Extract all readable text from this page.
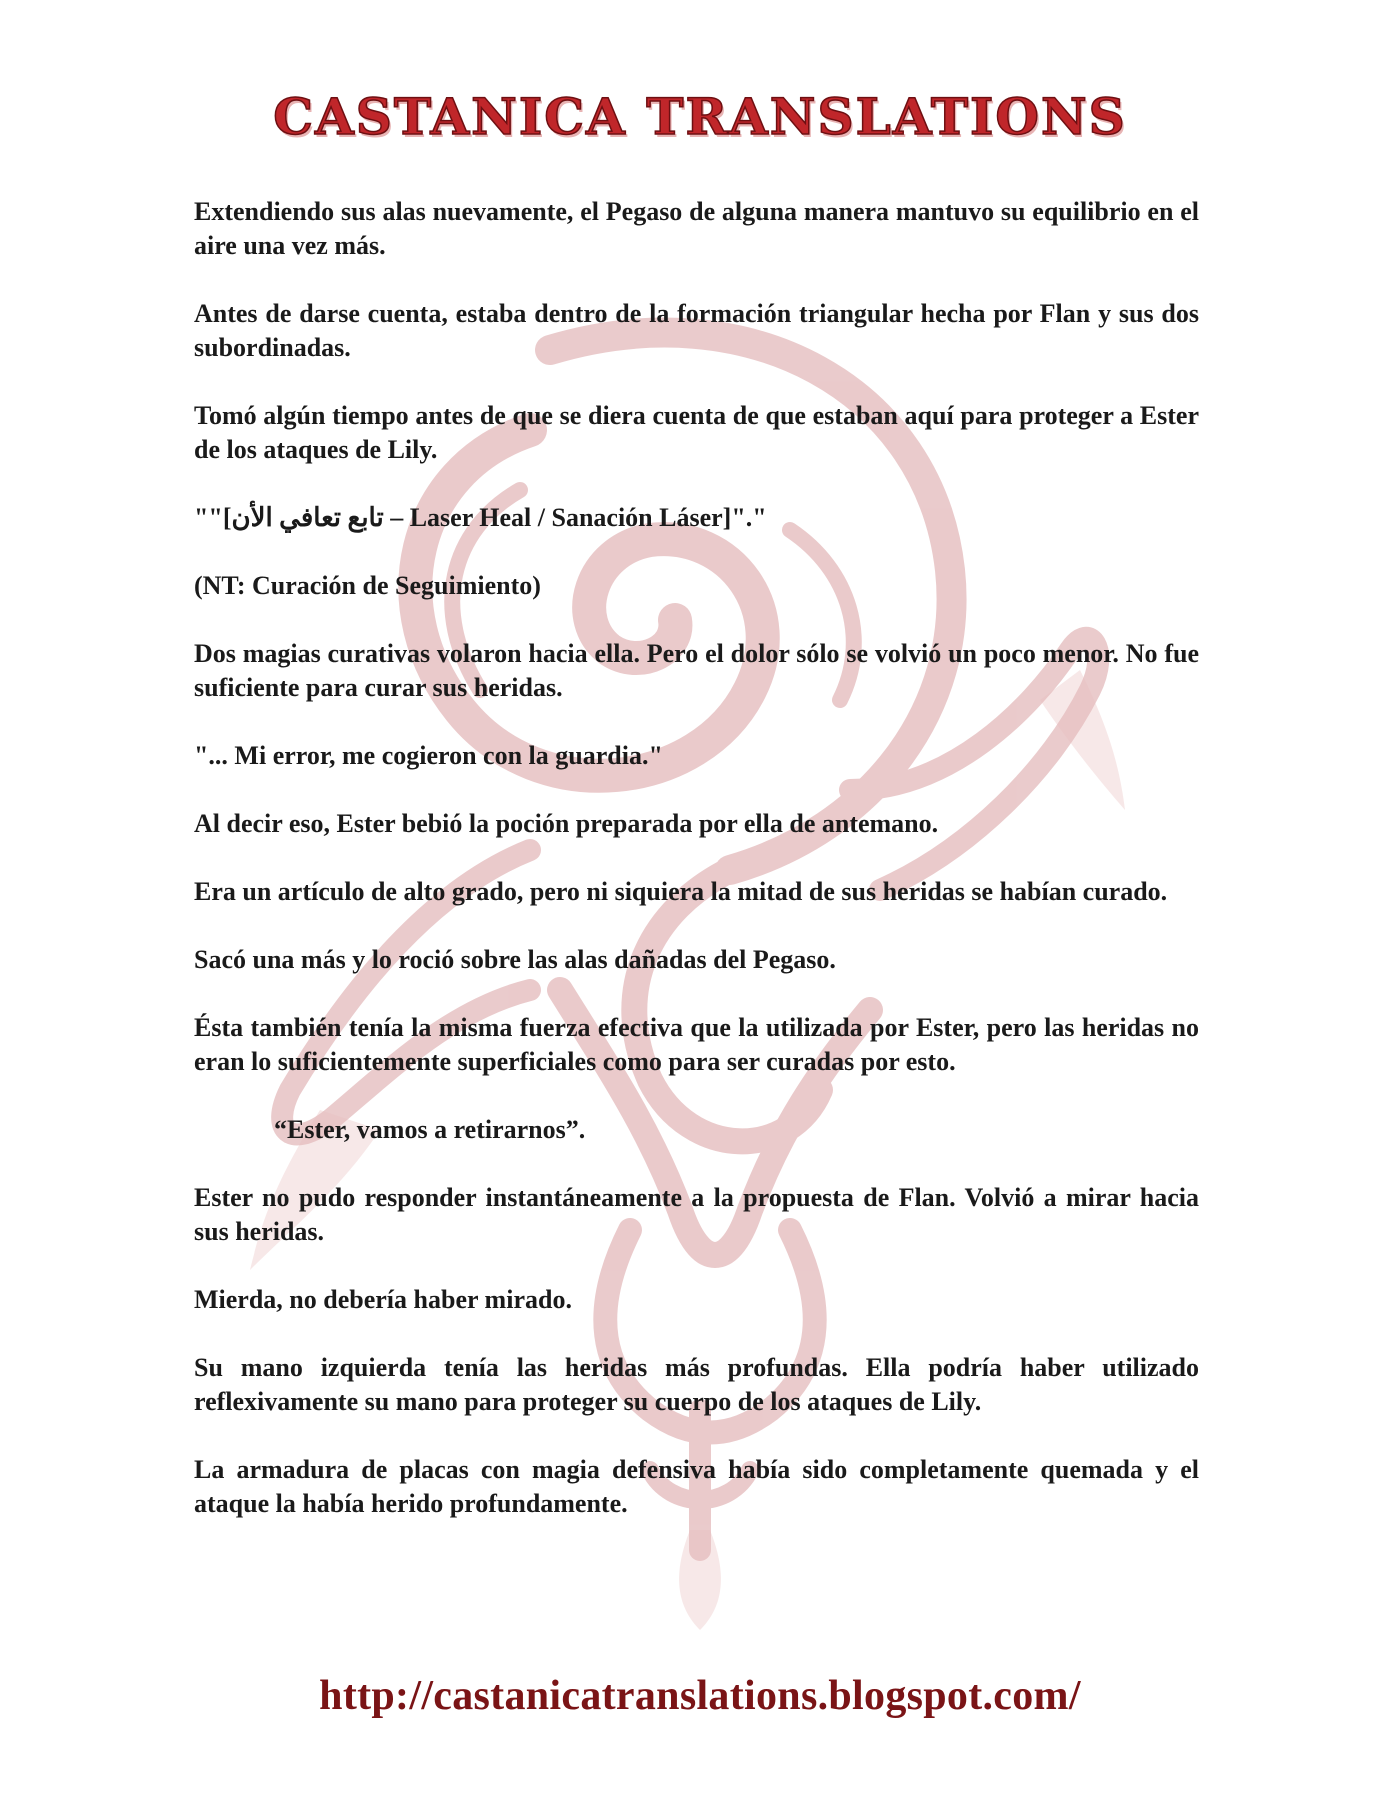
CASTANICA TRANSLATIONS

Extendiendo sus alas nuevamente, el Pegaso de alguna manera mantuvo su equilibrio en el aire una vez más.

Antes de darse cuenta, estaba dentro de la formación triangular hecha por Flan y sus dos subordinadas.

Tomó algún tiempo antes de que se diera cuenta de que estaban aquí para proteger a Ester de los ataques de Lily.

""[تابع تعافي الأن – Laser Heal / Sanación Láser]"."

(NT: Curación de Seguimiento)

Dos magias curativas volaron hacia ella. Pero el dolor sólo se volvió un poco menor. No fue suficiente para curar sus heridas.

"... Mi error, me cogieron con la guardia."

Al decir eso, Ester bebió la poción preparada por ella de antemano.

Era un artículo de alto grado, pero ni siquiera la mitad de sus heridas se habían curado.

Sacó una más y lo roció sobre las alas dañadas del Pegaso.

Ésta también tenía la misma fuerza efectiva que la utilizada por Ester, pero las heridas no eran lo suficientemente superficiales como para ser curadas por esto.

“Ester, vamos a retirarnos”.

Ester no pudo responder instantáneamente a la propuesta de Flan. Volvió a mirar hacia sus heridas.

Mierda, no debería haber mirado.

Su mano izquierda tenía las heridas más profundas. Ella podría haber utilizado reflexivamente su mano para proteger su cuerpo de los ataques de Lily.

La armadura de placas con magia defensiva había sido completamente quemada y el ataque la había herido profundamente.

http://castanicatranslations.blogspot.com/
